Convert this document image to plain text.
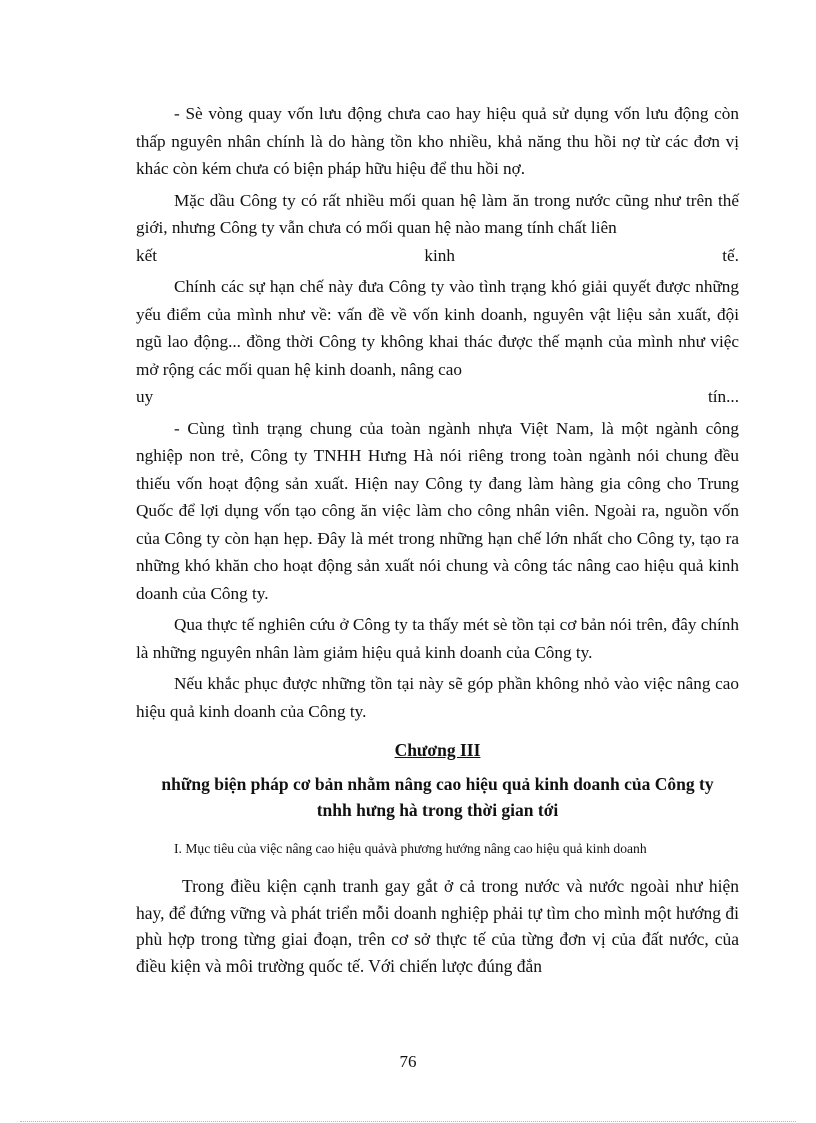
- Sè vòng quay vốn lưu động chưa cao hay hiệu quả sử dụng vốn lưu động còn thấp nguyên nhân chính là do hàng tồn kho nhiều, khả năng thu hồi nợ từ các đơn vị khác còn kém chưa có biện pháp hữu hiệu để thu hồi nợ.

Mặc dầu Công ty có rất nhiều mối quan hệ làm ăn trong nước cũng như trên thế giới, nhưng Công ty vẫn chưa có mối quan hệ nào mang tính chất liên

kết	kinh	tế.

Chính các sự hạn chế này đưa Công ty vào tình trạng khó giải quyết được những yếu điểm của mình như về: vấn đề về vốn kinh doanh, nguyên vật liệu sản xuất, đội ngũ lao động... đồng thời Công ty không khai thác được thế mạnh của mình như việc mở rộng các mối quan hệ kinh doanh, nâng cao

uy	tín...

- Cùng tình trạng chung của toàn ngành nhựa Việt Nam, là một ngành công nghiệp non trẻ, Công ty TNHH Hưng Hà nói riêng trong toàn ngành nói chung đều thiếu vốn hoạt động sản xuất. Hiện nay Công ty đang làm hàng gia công cho Trung Quốc để lợi dụng vốn tạo công ăn việc làm cho công nhân viên. Ngoài ra, nguồn vốn của Công ty còn hạn hẹp. Đây là mét trong những hạn chế lớn nhất cho Công ty, tạo ra những khó khăn cho hoạt động sản xuất nói chung và công tác nâng cao hiệu quả kinh doanh của Công ty.

Qua thực tế nghiên cứu ở Công ty ta thấy mét sè tồn tại cơ bản nói trên, đây chính là những nguyên nhân làm giảm hiệu quả kinh doanh của Công ty.

Nếu khắc phục được những tồn tại này sẽ góp phần không nhỏ vào việc nâng cao hiệu quả kinh doanh của Công ty.

Chương III
những biện pháp cơ bản nhằm nâng cao hiệu quả kinh doanh của Công ty tnhh hưng hà trong thời gian tới
I. Mục tiêu của việc nâng cao hiệu quảvà phương hướng nâng cao hiệu quả kinh doanh

Trong điều kiện cạnh tranh gay gắt ở cả trong nước và nước ngoài như hiện hay, để đứng vững và phát triển mỗi doanh nghiệp phải tự tìm cho mình một hướng đi phù hợp trong từng giai đoạn, trên cơ sở thực tế của từng đơn vị của đất nước, của điều kiện và môi trường quốc tế. Với chiến lược đúng đắn

76
